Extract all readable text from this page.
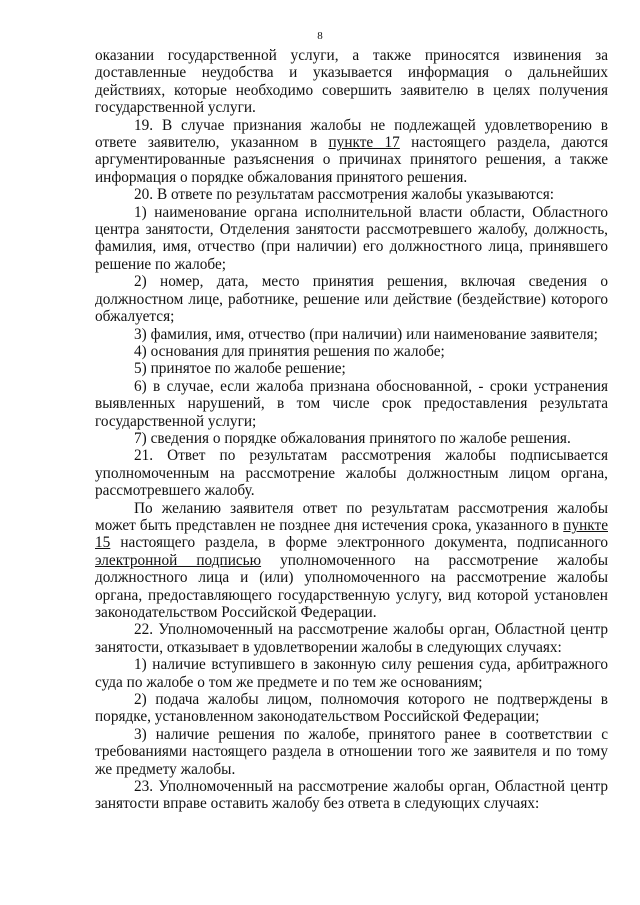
8

оказании государственной услуги, а также приносятся извинения за доставленные неудобства и указывается информация о дальнейших действиях, которые необходимо совершить заявителю в целях получения государственной услуги.

19. В случае признания жалобы не подлежащей удовлетворению в ответе заявителю, указанном в пункте 17 настоящего раздела, даются аргументированные разъяснения о причинах принятого решения, а также информация о порядке обжалования принятого решения.

20. В ответе по результатам рассмотрения жалобы указываются:

1) наименование органа исполнительной власти области, Областного центра занятости, Отделения занятости рассмотревшего жалобу, должность, фамилия, имя, отчество (при наличии) его должностного лица, принявшего решение по жалобе;

2) номер, дата, место принятия решения, включая сведения о должностном лице, работнике, решение или действие (бездействие) которого обжалуется;

3) фамилия, имя, отчество (при наличии) или наименование заявителя;

4) основания для принятия решения по жалобе;

5) принятое по жалобе решение;

6) в случае, если жалоба признана обоснованной, - сроки устранения выявленных нарушений, в том числе срок предоставления результата государственной услуги;

7) сведения о порядке обжалования принятого по жалобе решения.

21. Ответ по результатам рассмотрения жалобы подписывается уполномоченным на рассмотрение жалобы должностным лицом органа, рассмотревшего жалобу.

По желанию заявителя ответ по результатам рассмотрения жалобы может быть представлен не позднее дня истечения срока, указанного в пункте 15 настоящего раздела, в форме электронного документа, подписанного электронной подписью уполномоченного на рассмотрение жалобы должностного лица и (или) уполномоченного на рассмотрение жалобы органа, предоставляющего государственную услугу, вид которой установлен законодательством Российской Федерации.

22. Уполномоченный на рассмотрение жалобы орган, Областной центр занятости, отказывает в удовлетворении жалобы в следующих случаях:

1) наличие вступившего в законную силу решения суда, арбитражного суда по жалобе о том же предмете и по тем же основаниям;

2) подача жалобы лицом, полномочия которого не подтверждены в порядке, установленном законодательством Российской Федерации;

3) наличие решения по жалобе, принятого ранее в соответствии с требованиями настоящего раздела в отношении того же заявителя и по тому же предмету жалобы.

23. Уполномоченный на рассмотрение жалобы орган, Областной центр занятости вправе оставить жалобу без ответа в следующих случаях:
